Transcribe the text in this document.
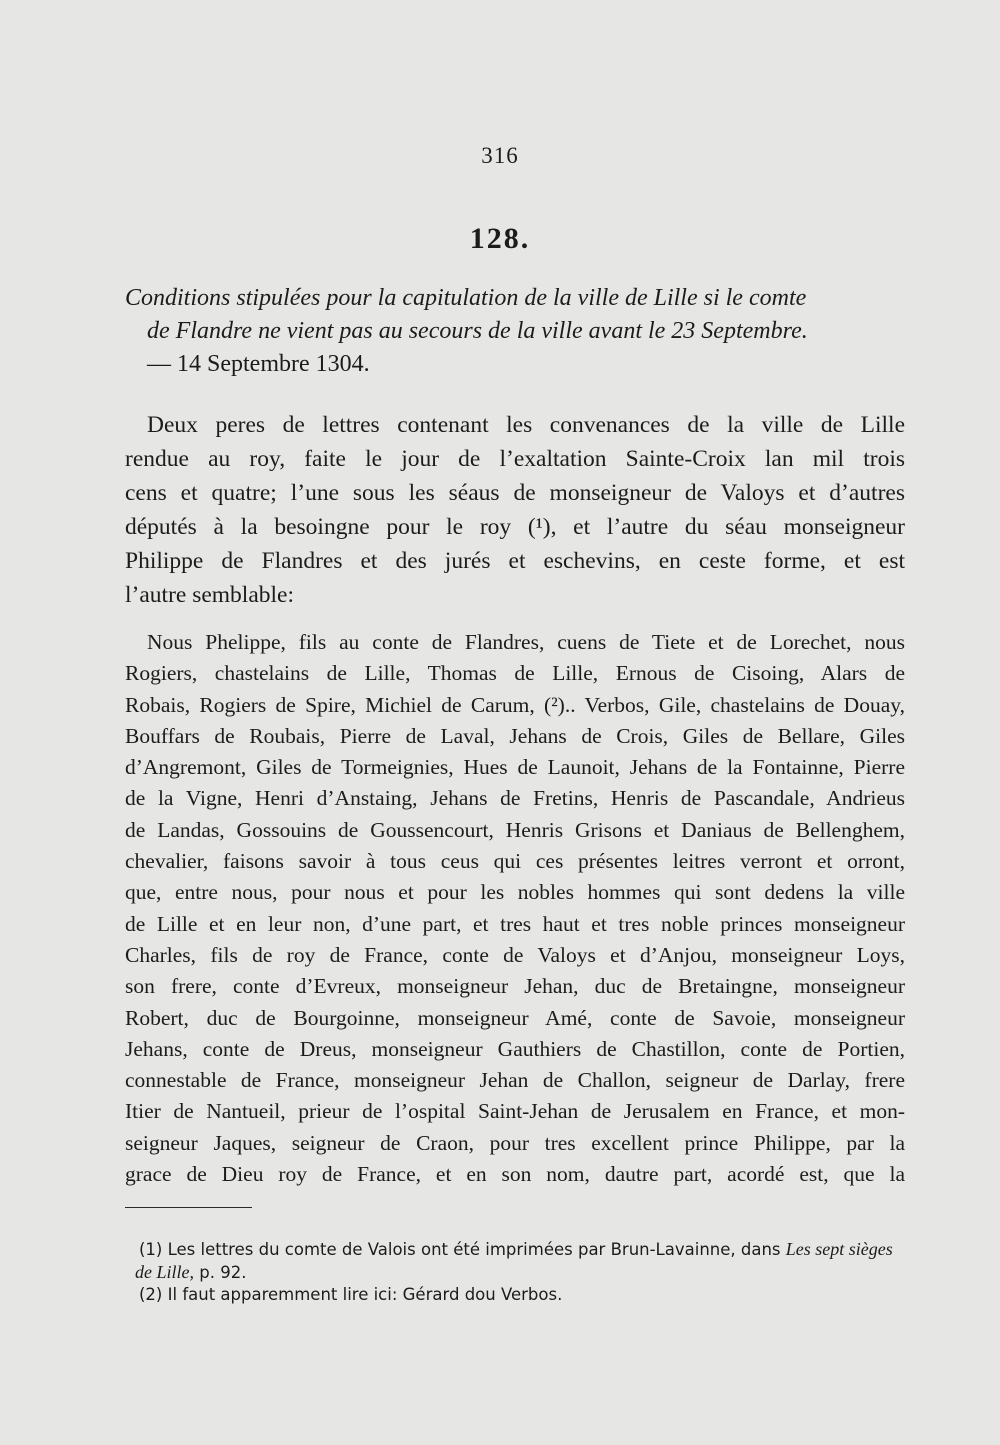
316
128.
Conditions stipulées pour la capitulation de la ville de Lille si le comte
de Flandre ne vient pas au secours de la ville avant le 23 Septembre.
— 14 Septembre 1304.
Deux peres de lettres contenant les convenances de la ville de Lille
rendue au roy, faite le jour de l’exaltation Sainte-Croix lan mil trois
cens et quatre; l’une sous les séaus de monseigneur de Valoys et d’autres
députés à la besoingne pour le roy (¹), et l’autre du séau monseigneur
Philippe de Flandres et des jurés et eschevins, en ceste forme, et est
l’autre semblable:
Nous Phelippe, fils au conte de Flandres, cuens de Tiete et de Lorechet, nous
Rogiers, chastelains de Lille, Thomas de Lille, Ernous de Cisoing, Alars de
Robais, Rogiers de Spire, Michiel de Carum, (²).. Verbos, Gile, chastelains de Douay,
Bouffars de Roubais, Pierre de Laval, Jehans de Crois, Giles de Bellare, Giles
d’Angremont, Giles de Tormeignies, Hues de Launoit, Jehans de la Fontainne, Pierre
de la Vigne, Henri d’Anstaing, Jehans de Fretins, Henris de Pascandale, Andrieus
de Landas, Gossouins de Goussencourt, Henris Grisons et Daniaus de Bellenghem,
chevalier, faisons savoir à tous ceus qui ces présentes leitres verront et orront,
que, entre nous, pour nous et pour les nobles hommes qui sont dedens la ville
de Lille et en leur non, d’une part, et tres haut et tres noble princes monseigneur
Charles, fils de roy de France, conte de Valoys et d’Anjou, monseigneur Loys,
son frere, conte d’Evreux, monseigneur Jehan, duc de Bretaingne, monseigneur
Robert, duc de Bourgoinne, monseigneur Amé, conte de Savoie, monseigneur
Jehans, conte de Dreus, monseigneur Gauthiers de Chastillon, conte de Portien,
connestable de France, monseigneur Jehan de Challon, seigneur de Darlay, frere
Itier de Nantueil, prieur de l’ospital Saint-Jehan de Jerusalem en France, et mon-
seigneur Jaques, seigneur de Craon, pour tres excellent prince Philippe, par la
grace de Dieu roy de France, et en son nom, dautre part, acordé est, que la
(1) Les lettres du comte de Valois ont été imprimées par Brun-Lavainne, dans Les sept sièges
de Lille, p. 92.
(2) Il faut apparemment lire ici: Gérard dou Verbos.
